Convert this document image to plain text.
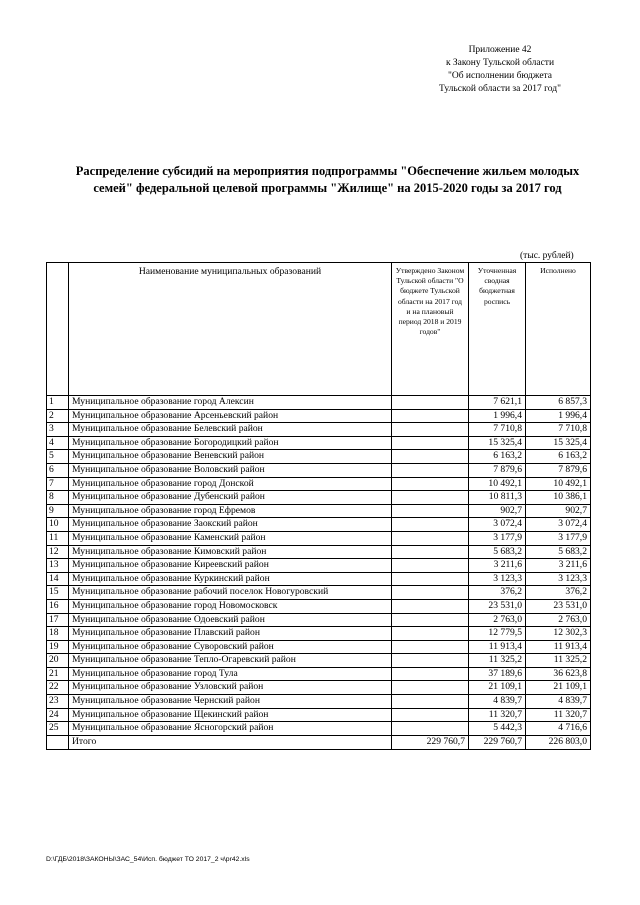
Приложение 42
к Закону Тульской области
"Об исполнении бюджета
Тульской области за 2017 год"
Распределение субсидий на мероприятия подпрограммы "Обеспечение жильем молодых
семей" федеральной целевой программы "Жилище" на 2015-2020 годы за 2017 год
(тыс. рублей)
	Наименование муниципальных образований	Утверждено Законом Тульской области "О бюджете Тульской области на 2017 год и на плановый период 2018 и 2019 годов"	Уточненная сводная бюджетная роспись	Исполнено
1	Муниципальное образование город Алексин		7 621,1	6 857,3
2	Муниципальное образование Арсеньевский район		1 996,4	1 996,4
3	Муниципальное образование Белевский район		7 710,8	7 710,8
4	Муниципальное образование Богородицкий район		15 325,4	15 325,4
5	Муниципальное образование Веневский район		6 163,2	6 163,2
6	Муниципальное образование Воловский район		7 879,6	7 879,6
7	Муниципальное образование город Донской		10 492,1	10 492,1
8	Муниципальное образование Дубенский район		10 811,3	10 386,1
9	Муниципальное образование город Ефремов		902,7	902,7
10	Муниципальное образование Заокский район		3 072,4	3 072,4
11	Муниципальное образование Каменский район		3 177,9	3 177,9
12	Муниципальное образование Кимовский район		5 683,2	5 683,2
13	Муниципальное образование Киреевский район		3 211,6	3 211,6
14	Муниципальное образование Куркинский район		3 123,3	3 123,3
15	Муниципальное образование рабочий поселок Новогуровский		376,2	376,2
16	Муниципальное образование город Новомосковск		23 531,0	23 531,0
17	Муниципальное образование Одоевский район		2 763,0	2 763,0
18	Муниципальное образование Плавский район		12 779,5	12 302,3
19	Муниципальное образование Суворовский район		11 913,4	11 913,4
20	Муниципальное образование Тепло-Огаревский район		11 325,2	11 325,2
21	Муниципальное образование город Тула		37 189,6	36 623,8
22	Муниципальное образование Узловский район		21 109,1	21 109,1
23	Муниципальное образование Чернский район		4 839,7	4 839,7
24	Муниципальное образование Щекинский район		11 320,7	11 320,7
25	Муниципальное образование Ясногорский район		5 442,3	4 716,6
	Итого	229 760,7	229 760,7	226 803,0
D:\ГДБ\2018\ЗАКОНЫ\ЗАС_54\Исп. бюджет ТО 2017_2 ч\pr42.xls
